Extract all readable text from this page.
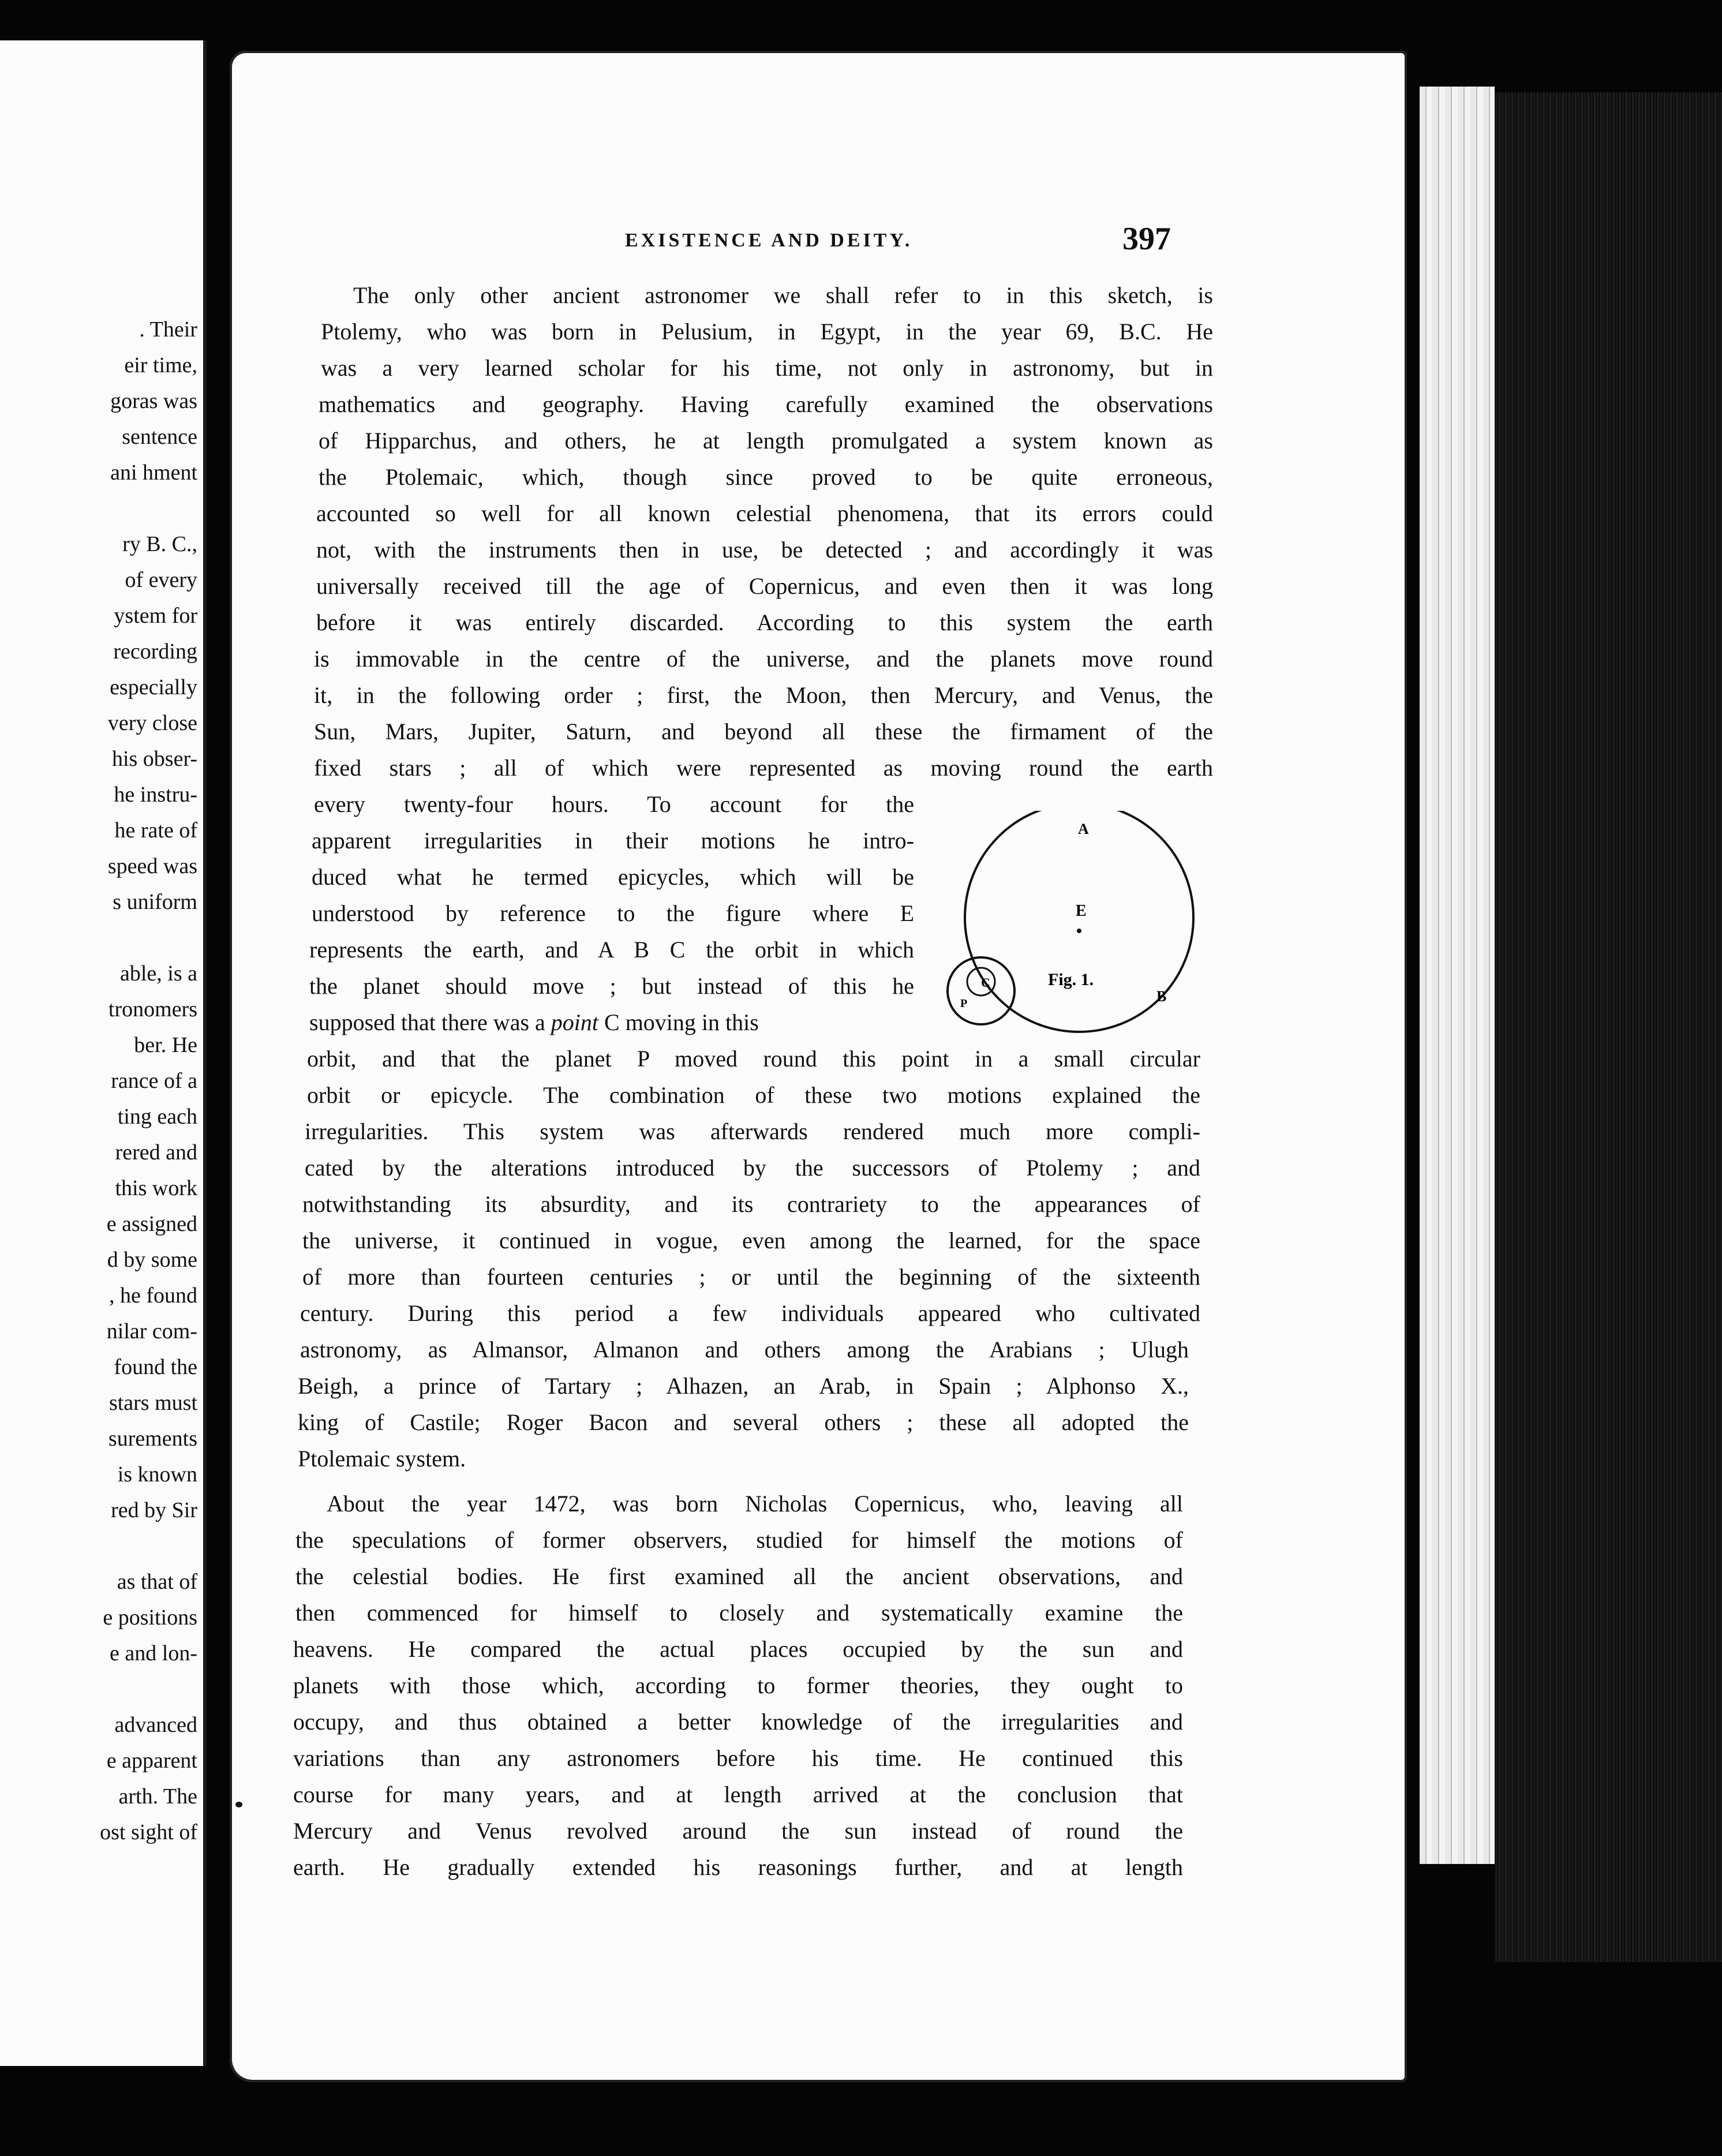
. Their
eir time,
goras was
sentence
ani hment
ry B. C.,
of every
ystem for
recording
especially
very close
his obser-
he instru-
he rate of
speed was
s uniform
able, is a
tronomers
ber. He
rance of a
ting each
rered and
this work
e assigned
d by some
, he found
nilar com-
found the
stars must
surements
is known
red by Sir
as that of
e positions
e and lon-
advanced
e apparent
arth. The
ost sight of
EXISTENCE AND DEITY.	397
The only other ancient astronomer we shall refer to in this sketch, is
Ptolemy, who was born in Pelusium, in Egypt, in the year 69, B.C. He
was a very learned scholar for his time, not only in astronomy, but in
mathematics and geography. Having carefully examined the observations
of Hipparchus, and others, he at length promulgated a system known as
the Ptolemaic, which, though since proved to be quite erroneous,
accounted so well for all known celestial phenomena, that its errors could
not, with the instruments then in use, be detected ; and accordingly it was
universally received till the age of Copernicus, and even then it was long
before it was entirely discarded. According to this system the earth
is immovable in the centre of the universe, and the planets move round
it, in the following order ; first, the Moon, then Mercury, and Venus, the
Sun, Mars, Jupiter, Saturn, and beyond all these the firmament of the
fixed stars ; all of which were represented as moving round the earth
every twenty-four hours. To account for the
apparent irregularities in their motions he intro-
duced what he termed epicycles, which will be
understood by reference to the figure where E
represents the earth, and A B C the orbit in which
the planet should move ; but instead of this he
supposed that there was a point C moving in this
orbit, and that the planet P moved round this point in a small circular
orbit or epicycle. The combination of these two motions explained the
irregularities. This system was afterwards rendered much more compli-
cated by the alterations introduced by the successors of Ptolemy ; and
notwithstanding its absurdity, and its contrariety to the appearances of
the universe, it continued in vogue, even among the learned, for the space
of more than fourteen centuries ; or until the beginning of the sixteenth
century. During this period a few individuals appeared who cultivated
astronomy, as Almansor, Almanon and others among the Arabians ; Ulugh
Beigh, a prince of Tartary ; Alhazen, an Arab, in Spain ; Alphonso X.,
king of Castile; Roger Bacon and several others ; these all adopted the
Ptolemaic system.
About the year 1472, was born Nicholas Copernicus, who, leaving all
the speculations of former observers, studied for himself the motions of
the celestial bodies. He first examined all the ancient observations, and
then commenced for himself to closely and systematically examine the
heavens. He compared the actual places occupied by the sun and
planets with those which, according to former theories, they ought to
occupy, and thus obtained a better knowledge of the irregularities and
variations than any astronomers before his time. He continued this
course for many years, and at length arrived at the conclusion that
Mercury and Venus revolved around the sun instead of round the
earth. He gradually extended his reasonings further, and at length
A
E
B
C
P
Fig. 1.
